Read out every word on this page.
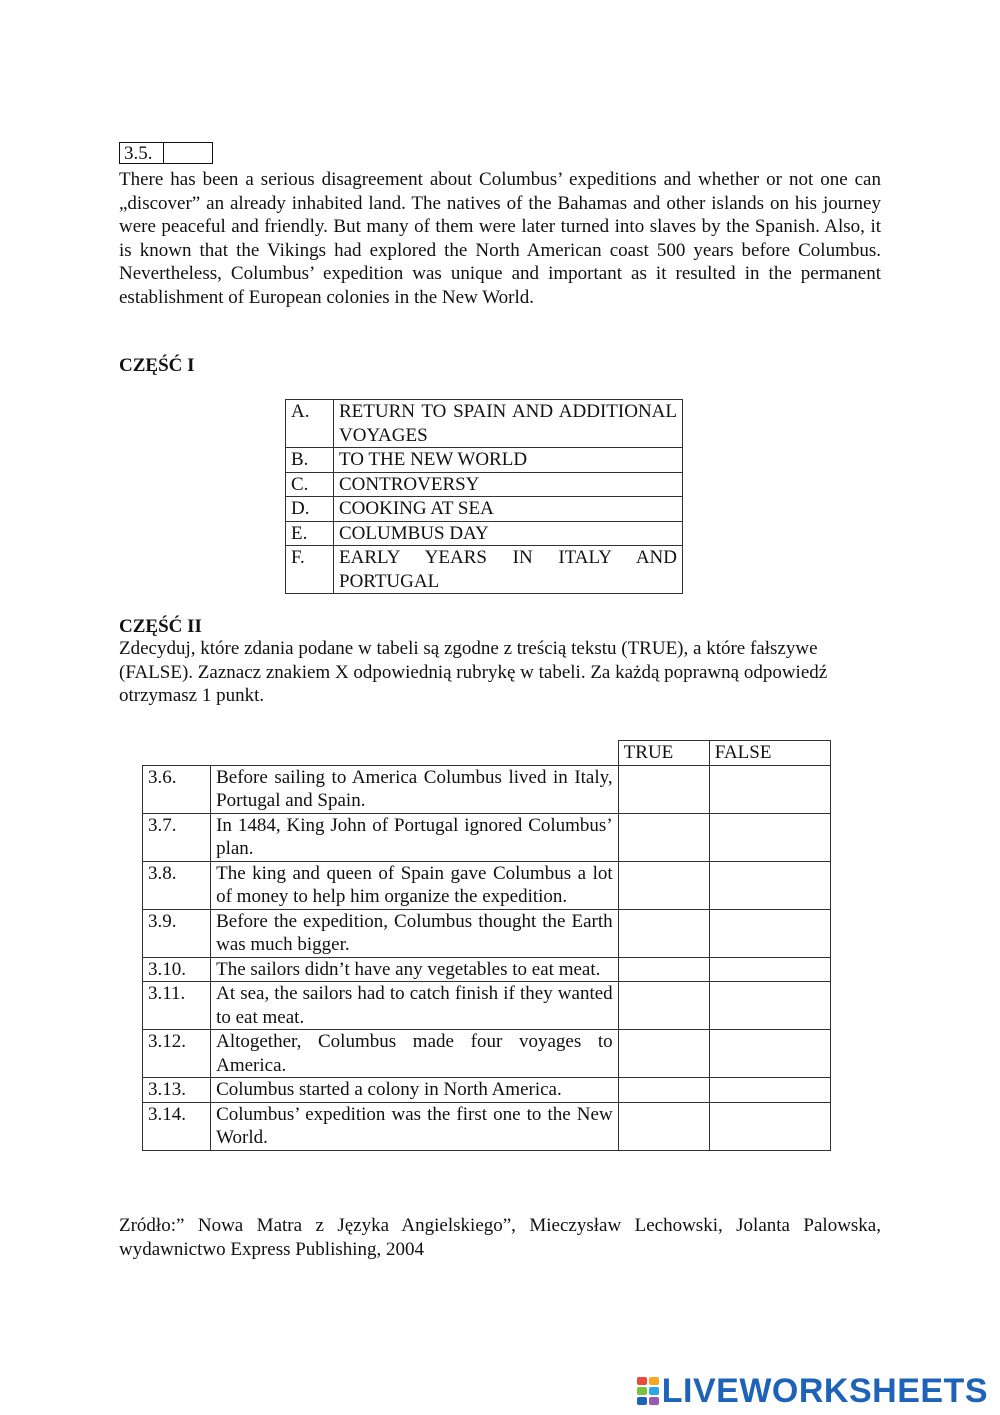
3.5.
There has been a serious disagreement about Columbus’ expeditions and whether or not one can „discover” an already inhabited land. The natives of the Bahamas and other islands on his journey were peaceful and friendly. But many of them were later turned into slaves by the Spanish. Also, it is known that the Vikings had explored the North American coast 500 years before Columbus. Nevertheless, Columbus’ expedition was unique and important as it resulted in the permanent establishment of European colonies in the New World.
CZĘŚĆ I
A.	RETURN TO SPAIN AND ADDITIONAL VOYAGES
B.	TO THE NEW WORLD
C.	CONTROVERSY
D.	COOKING AT SEA
E.	COLUMBUS DAY
F.	EARLY YEARS IN ITALY AND PORTUGAL
CZĘŚĆ II
Zdecyduj, które zdania podane w tabeli są zgodne z treścią tekstu (TRUE), a które fałszywe (FALSE). Zaznacz znakiem X odpowiednią rubrykę w tabeli. Za każdą poprawną odpowiedź otrzymasz 1 punkt.
		TRUE	FALSE
3.6.	Before sailing to America Columbus lived in Italy, Portugal and Spain.		
3.7.	In 1484, King John of Portugal ignored Columbus’ plan.		
3.8.	The king and queen of Spain gave Columbus a lot of money to help him organize the expedition.		
3.9.	Before the expedition, Columbus thought the Earth was much bigger.		
3.10.	The sailors didn’t have any vegetables to eat meat.		
3.11.	At sea, the sailors had to catch finish if they wanted to eat meat.		
3.12.	Altogether, Columbus made four voyages to America.		
3.13.	Columbus started a colony in North America.		
3.14.	Columbus’ expedition was the first one to the New World.		
Zródło:” Nowa Matra z Języka Angielskiego”, Mieczysław Lechowski, Jolanta Palowska, wydawnictwo Express Publishing, 2004
LIVEWORKSHEETS
